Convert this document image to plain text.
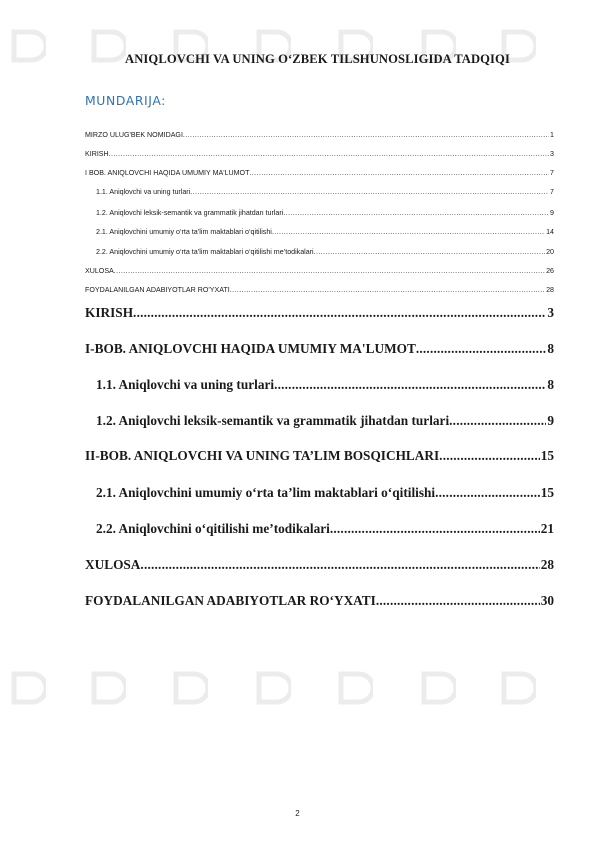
ANIQLOVCHI VA UNING O‘ZBEK TILSHUNOSLIGIDA TADQIQI
MUNDARIJA:
MIRZO ULUG'BEK NOMIDAGI .....	1
KIRISH .....	3
I BOB. ANIQLOVCHI HAQIDA UMUMIY MA'LUMOT .....	7
1.1. Aniqlovchi va uning turlari .....	7
1.2. Aniqlovchi leksik-semantik va grammatik jihatdan turlari .....	9
2.1. Aniqlovchini umumiy o‘rta ta’lim maktablari o‘qitilishi .....	14
2.2. Aniqlovchini umumiy o‘rta ta’lim maktablari o‘qitilishi me’todikalari .....	20
XULOSA .....	26
FOYDALANILGAN ADABIYOTLAR RO'YXATI .....	28
KIRISH .....	3
I-BOB. ANIQLOVCHI HAQIDA UMUMIY MA'LUMOT .....	8
1.1. Aniqlovchi va uning turlari .....	8
1.2. Aniqlovchi leksik-semantik va grammatik jihatdan turlari .....	9
II-BOB. ANIQLOVCHI VA UNING TA’LIM BOSQICHLARI .....	15
2.1. Aniqlovchini umumiy o‘rta ta’lim maktablari o‘qitilishi .....	15
2.2. Aniqlovchini o‘qitilishi me’todikalari .....	21
XULOSA .....	28
FOYDALANILGAN ADABIYOTLAR RO‘YXATI .....	30
2
